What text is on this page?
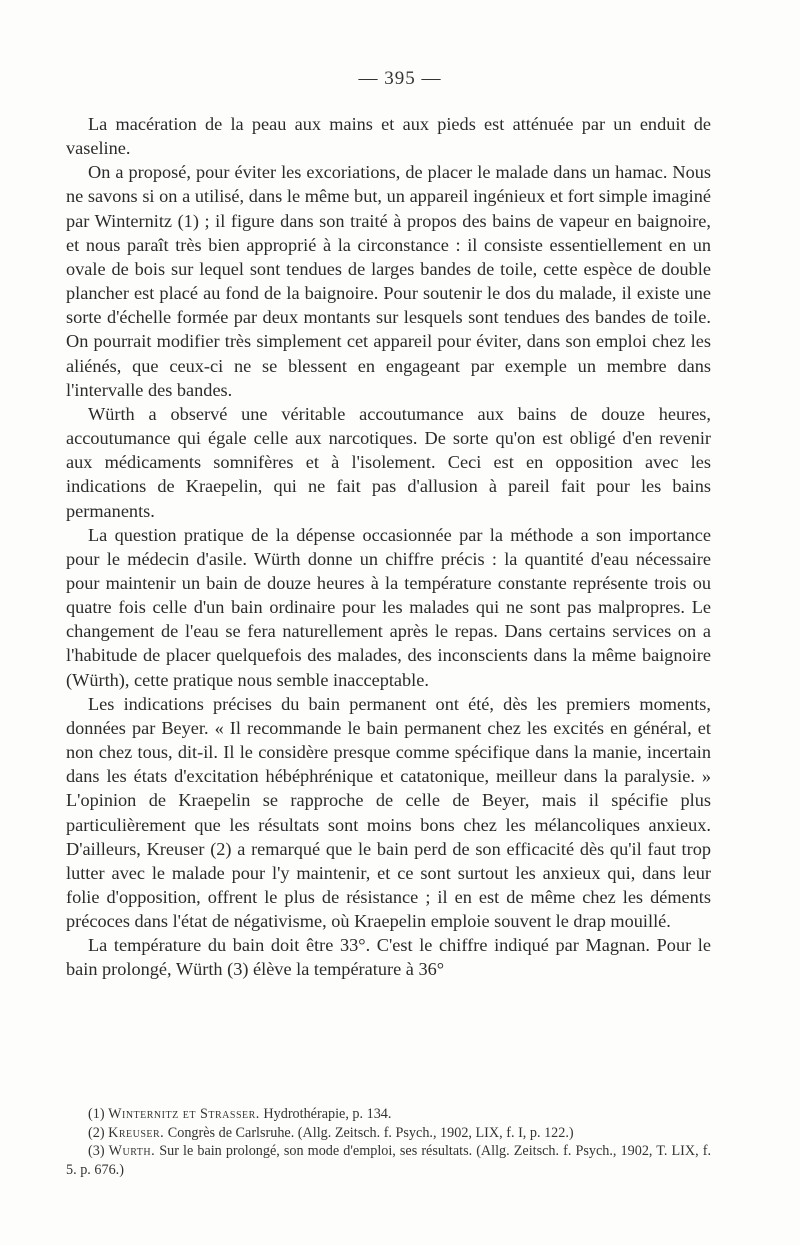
— 395 —

La macération de la peau aux mains et aux pieds est atténuée par un enduit de vaseline.

On a proposé, pour éviter les excoriations, de placer le malade dans un hamac. Nous ne savons si on a utilisé, dans le même but, un appareil ingénieux et fort simple imaginé par Winternitz (1) ; il figure dans son traité à propos des bains de vapeur en baignoire, et nous paraît très bien approprié à la circonstance : il consiste essentiellement en un ovale de bois sur lequel sont tendues de larges bandes de toile, cette espèce de double plancher est placé au fond de la baignoire. Pour soutenir le dos du malade, il existe une sorte d'échelle formée par deux montants sur lesquels sont tendues des bandes de toile. On pourrait modifier très simplement cet appareil pour éviter, dans son emploi chez les aliénés, que ceux-ci ne se blessent en engageant par exemple un membre dans l'intervalle des bandes.

Würth a observé une véritable accoutumance aux bains de douze heures, accoutumance qui égale celle aux narcotiques. De sorte qu'on est obligé d'en revenir aux médicaments somnifères et à l'isolement. Ceci est en opposition avec les indications de Kraepelin, qui ne fait pas d'allusion à pareil fait pour les bains permanents.

La question pratique de la dépense occasionnée par la méthode a son importance pour le médecin d'asile. Würth donne un chiffre précis : la quantité d'eau nécessaire pour maintenir un bain de douze heures à la température constante représente trois ou quatre fois celle d'un bain ordinaire pour les malades qui ne sont pas malpropres. Le changement de l'eau se fera naturellement après le repas. Dans certains services on a l'habitude de placer quelquefois des malades, des inconscients dans la même baignoire (Würth), cette pratique nous semble inacceptable.

Les indications précises du bain permanent ont été, dès les premiers moments, données par Beyer. « Il recommande le bain permanent chez les excités en général, et non chez tous, dit-il. Il le considère presque comme spécifique dans la manie, incertain dans les états d'excitation hébéphrénique et catatonique, meilleur dans la paralysie. » L'opinion de Kraepelin se rapproche de celle de Beyer, mais il spécifie plus particulièrement que les résultats sont moins bons chez les mélancoliques anxieux. D'ailleurs, Kreuser (2) a remarqué que le bain perd de son efficacité dès qu'il faut trop lutter avec le malade pour l'y maintenir, et ce sont surtout les anxieux qui, dans leur folie d'opposition, offrent le plus de résistance ; il en est de même chez les déments précoces dans l'état de négativisme, où Kraepelin emploie souvent le drap mouillé.

La température du bain doit être 33°. C'est le chiffre indiqué par Magnan. Pour le bain prolongé, Würth (3) élève la température à 36°

(1) Winternitz et Strasser. Hydrothérapie, p. 134.

(2) Kreuser. Congrès de Carlsruhe. (Allg. Zeitsch. f. Psych., 1902, LIX, f. I, p. 122.)

(3) Wurth. Sur le bain prolongé, son mode d'emploi, ses résultats. (Allg. Zeitsch. f. Psych., 1902, T. LIX, f. 5. p. 676.)
